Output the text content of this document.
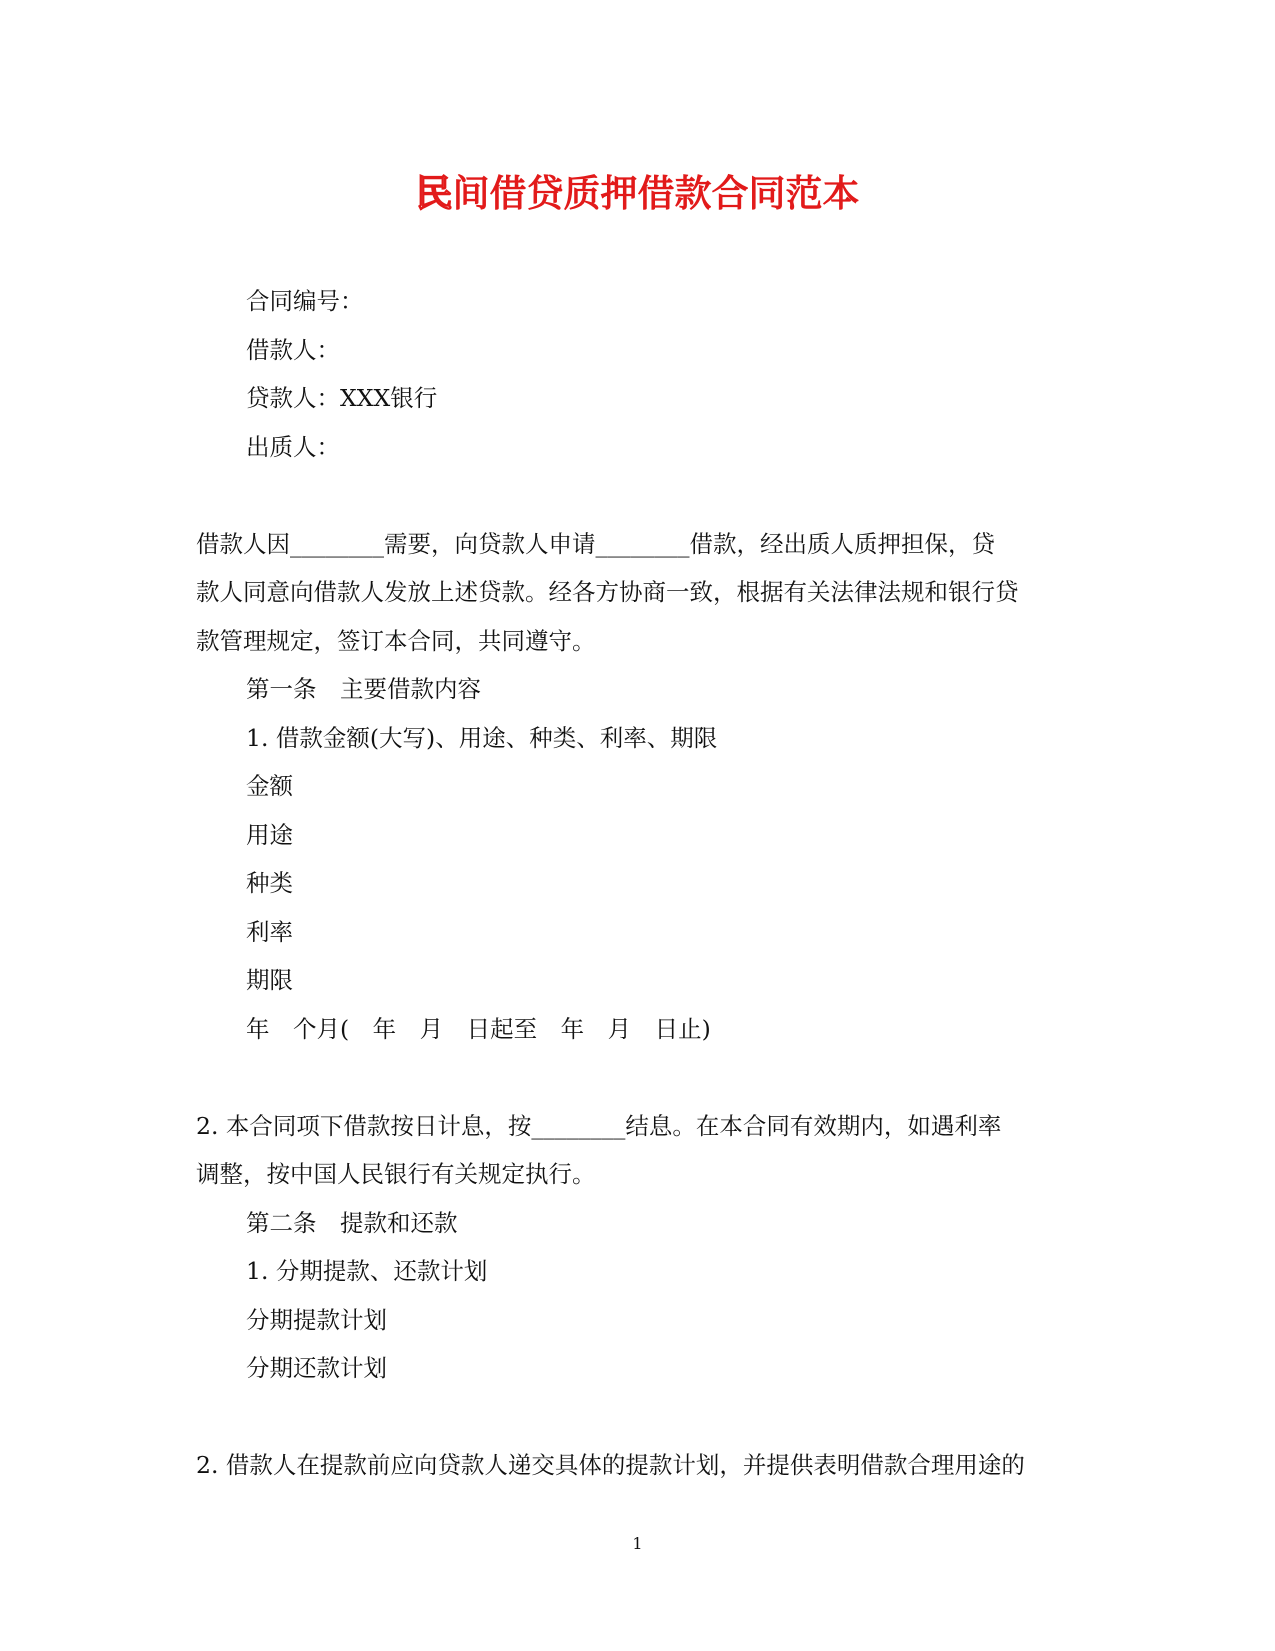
民间借贷质押借款合同范本
合同编号：
借款人：
贷款人：XXX银行
出质人：
借款人因________需要，向贷款人申请________借款，经出质人质押担保，贷
款人同意向借款人发放上述贷款。经各方协商一致，根据有关法律法规和银行贷
款管理规定，签订本合同，共同遵守。
第一条　主要借款内容
1. 借款金额(大写)、用途、种类、利率、期限
金额
用途
种类
利率
期限
年　个月(　年　月　日起至　年　月　日止)
2. 本合同项下借款按日计息，按________结息。在本合同有效期内，如遇利率
调整，按中国人民银行有关规定执行。
第二条　提款和还款
1. 分期提款、还款计划
分期提款计划
分期还款计划
2. 借款人在提款前应向贷款人递交具体的提款计划，并提供表明借款合理用途的
1
